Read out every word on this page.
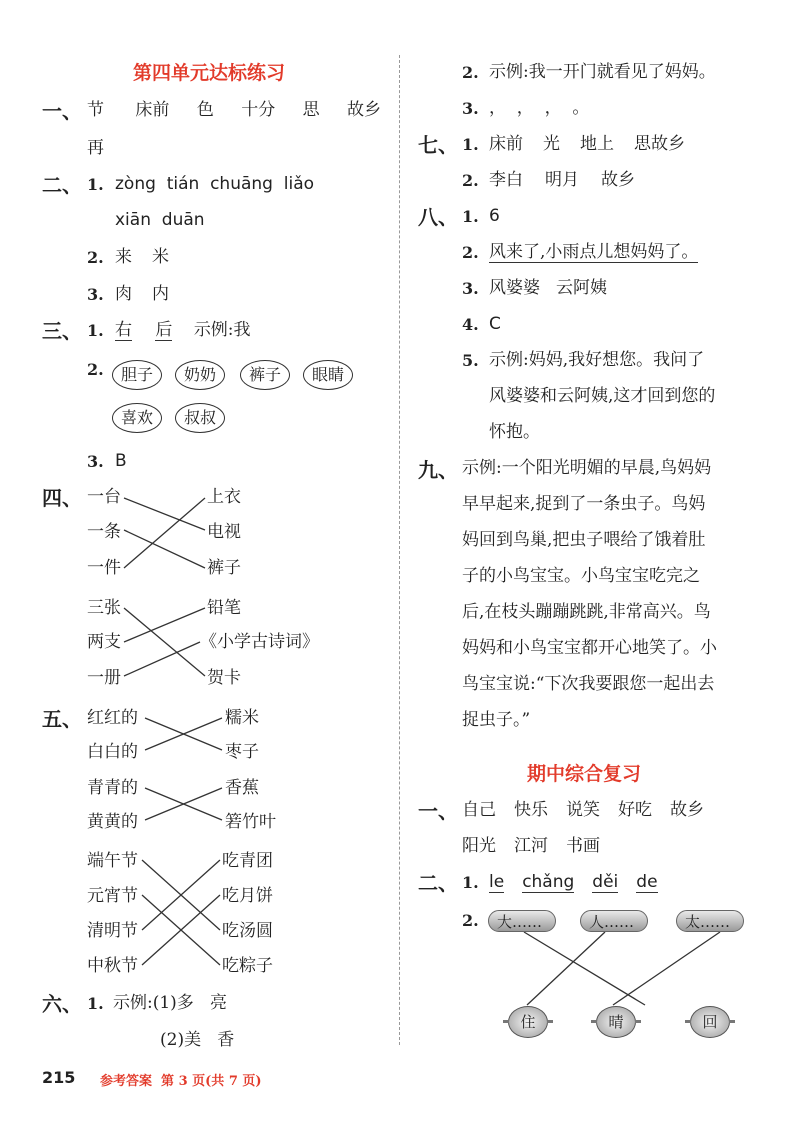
第四单元达标练习
一、 节 床前 色 十分 思 故乡
再
二、 1. zòng  tián  chuāng  liǎo
xiān  duān
2. 来 米
3. 肉 内
三、 1. 右 后 示例:我
2.	胆子	奶奶	裤子	眼睛
喜欢	叔叔
3. B
四、 一台
一条
一件
上衣
电视
裤子
三张
两支
一册
铅笔
《小学古诗词》
贺卡
五、 红红的
白白的
糯米
枣子
青青的
黄黄的
香蕉
箬竹叶
端午节
元宵节
清明节
中秋节
吃青团
吃月饼
吃汤圆
吃粽子
六、 1. 示例:(1)多   亮
(2)美   香
2. 示例:我一开门就看见了妈妈。
3. ，  ，  ，  。
七、 1. 床前 光 地上 思故乡
2. 李白 明月 故乡
八、 1. 6
2. 风来了,小雨点儿想妈妈了。
3. 风婆婆 云阿姨
4. C
5. 示例:妈妈,我好想您。我问了
风婆婆和云阿姨,这才回到您的
怀抱。
九、 示例:一个阳光明媚的早晨,鸟妈妈
早早起来,捉到了一条虫子。鸟妈
妈回到鸟巢,把虫子喂给了饿着肚
子的小鸟宝宝。小鸟宝宝吃完之
后,在枝头蹦蹦跳跳,非常高兴。鸟
妈妈和小鸟宝宝都开心地笑了。小
鸟宝宝说:“下次我要跟您一起出去
捉虫子。”
期中综合复习
一、 自己 快乐 说笑 好吃 故乡
阳光 江河 书画
二、 1. le chǎng děi de
2.	大……	人……	太……
住	晴	回
215 参考答案  第 3 页(共 7 页)
